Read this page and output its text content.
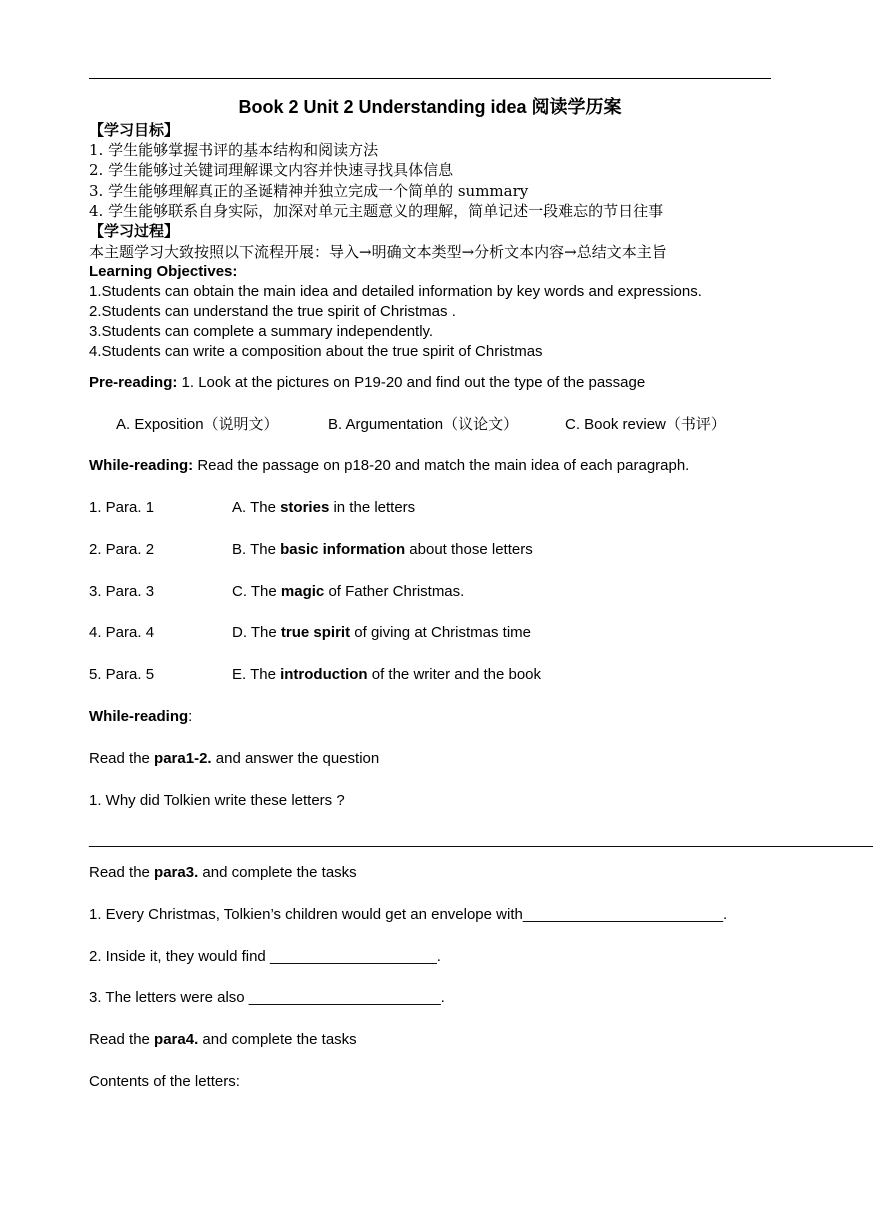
Book 2 Unit 2 Understanding idea 阅读学历案
【学习目标】
1. 学生能够掌握书评的基本结构和阅读方法
2. 学生能够过关键词理解课文内容并快速寻找具体信息
3. 学生能够理解真正的圣诞精神并独立完成一个简单的 summary
4. 学生能够联系自身实际，加深对单元主题意义的理解，简单记述一段难忘的节日往事
【学习过程】
本主题学习大致按照以下流程开展：导入→明确文本类型→分析文本内容→总结文本主旨
Learning Objectives:
1.Students can obtain the main idea and detailed information by key words and expressions.
2.Students can understand the true spirit of Christmas .
3.Students can complete a summary independently.
4.Students can write a composition about the true spirit of Christmas
Pre-reading: 1. Look at the pictures on P19-20 and find out the type of the passage
A. Exposition（说明文）	B. Argumentation（议论文）	C. Book review（书评）
While-reading: Read the passage on p18-20 and match the main idea of each paragraph.
1. Para. 1	A. The stories in the letters
2. Para. 2	B. The basic information about those letters
3. Para. 3	C. The magic of Father Christmas.
4. Para. 4	D. The true spirit of giving at Christmas time
5. Para. 5	E. The introduction of the writer and the book
While-reading:
Read the para1-2. and answer the question
1. Why did Tolkien write these letters ?
______________________________________________________________________________________________
Read the para3. and complete the tasks
1. Every Christmas, Tolkien’s children would get an envelope with________________________.
2. Inside it, they would find ____________________.
3. The letters were also _______________________.
Read the para4. and complete the tasks
Contents of the letters:
